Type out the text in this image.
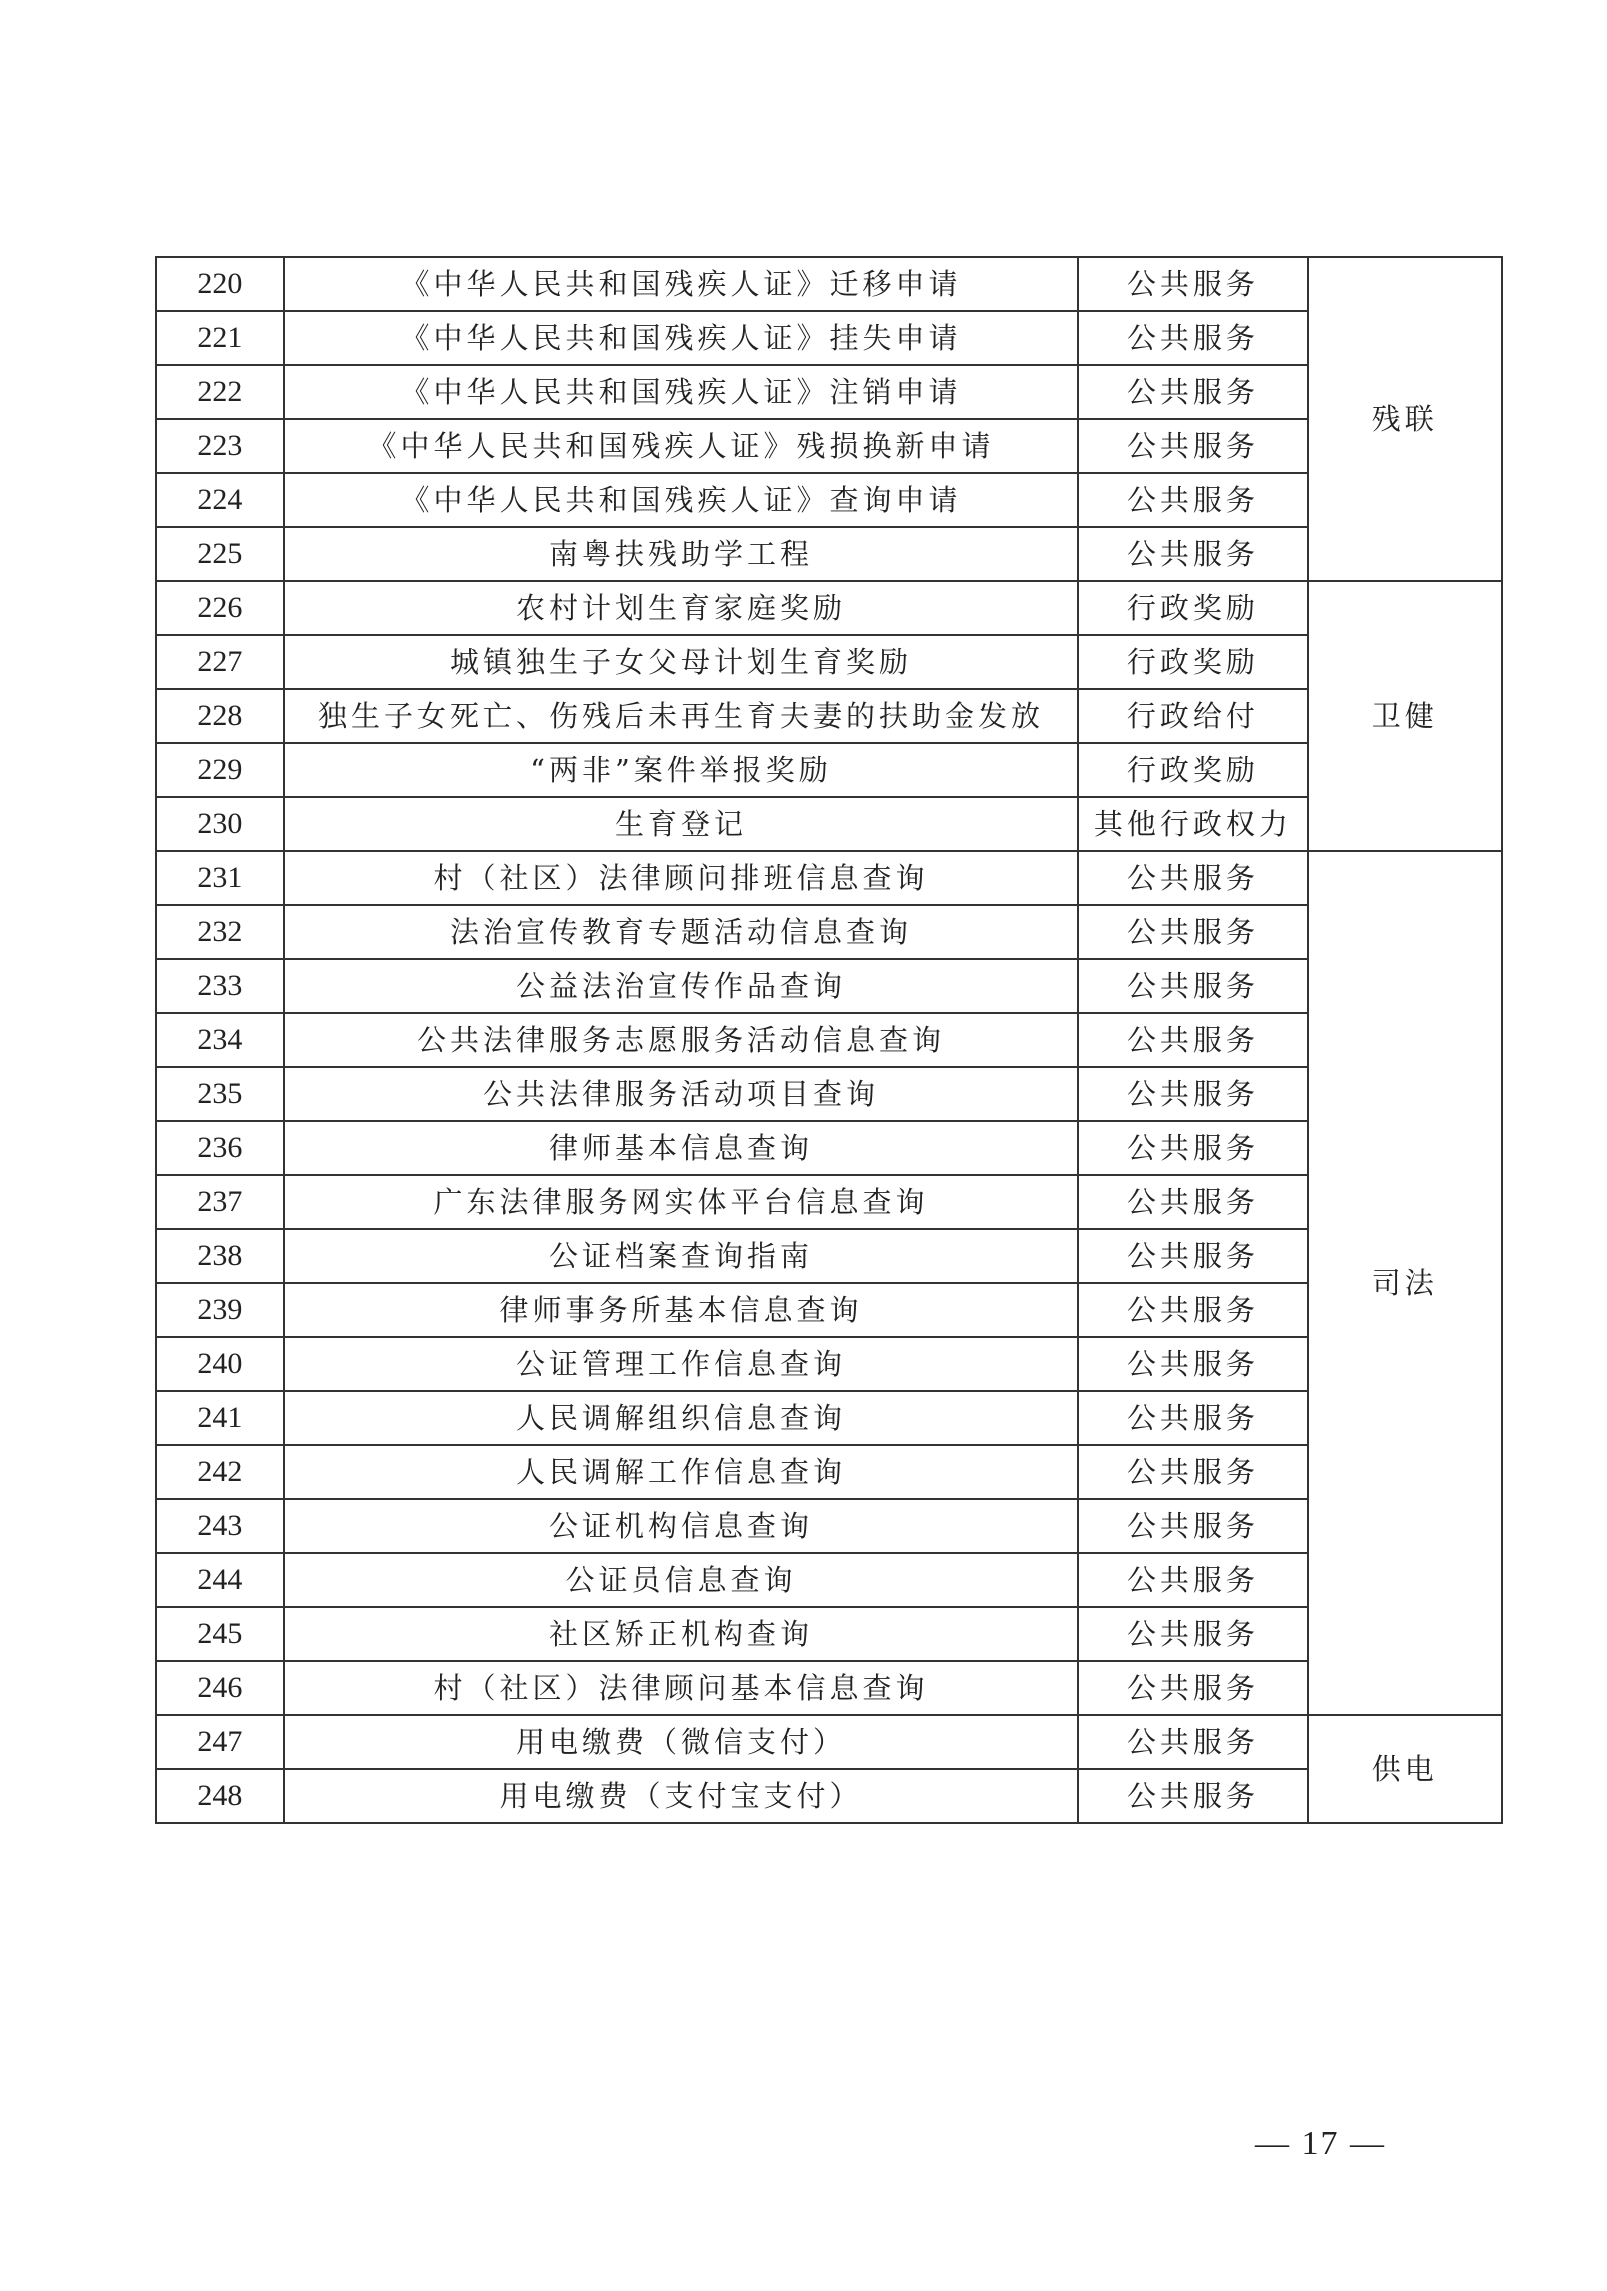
220	《中华人民共和国残疾人证》迁移申请	公共服务	残联
221	《中华人民共和国残疾人证》挂失申请	公共服务	
222	《中华人民共和国残疾人证》注销申请	公共服务	
223	《中华人民共和国残疾人证》残损换新申请	公共服务	
224	《中华人民共和国残疾人证》查询申请	公共服务	
225	南粤扶残助学工程	公共服务	
226	农村计划生育家庭奖励	行政奖励	卫健
227	城镇独生子女父母计划生育奖励	行政奖励	
228	独生子女死亡、伤残后未再生育夫妻的扶助金发放	行政给付	
229	“两非”案件举报奖励	行政奖励	
230	生育登记	其他行政权力	
231	村（社区）法律顾问排班信息查询	公共服务	司法
232	法治宣传教育专题活动信息查询	公共服务	
233	公益法治宣传作品查询	公共服务	
234	公共法律服务志愿服务活动信息查询	公共服务	
235	公共法律服务活动项目查询	公共服务	
236	律师基本信息查询	公共服务	
237	广东法律服务网实体平台信息查询	公共服务	
238	公证档案查询指南	公共服务	
239	律师事务所基本信息查询	公共服务	
240	公证管理工作信息查询	公共服务	
241	人民调解组织信息查询	公共服务	
242	人民调解工作信息查询	公共服务	
243	公证机构信息查询	公共服务	
244	公证员信息查询	公共服务	
245	社区矫正机构查询	公共服务	
246	村（社区）法律顾问基本信息查询	公共服务	
247	用电缴费（微信支付）	公共服务	供电
248	用电缴费（支付宝支付）	公共服务	
— 17 —
